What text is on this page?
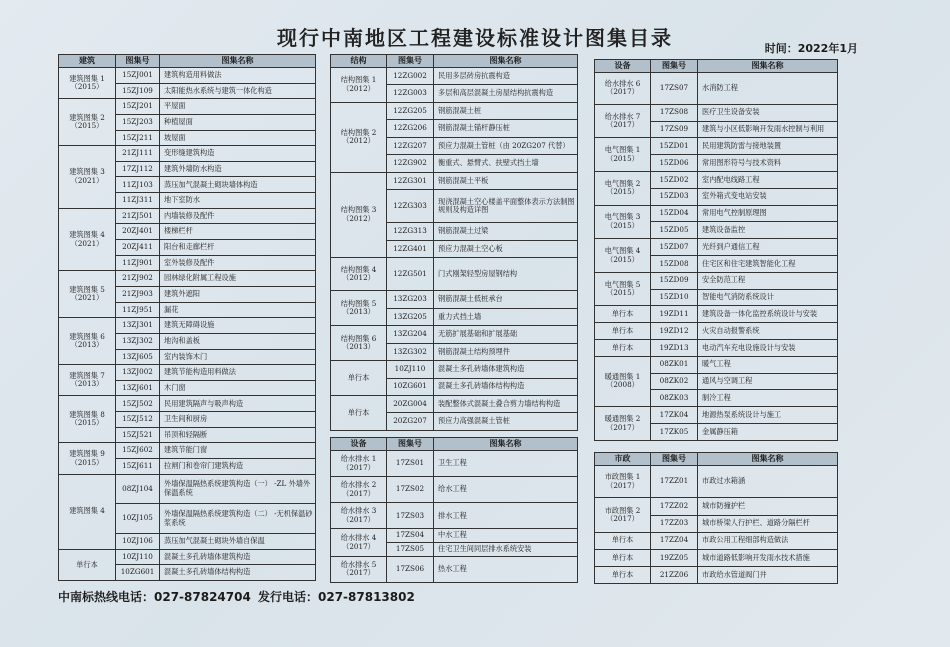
现行中南地区工程建设标准设计图集目录	时间：2022年1月
建筑	图集号	图集名称
建筑图集 1（2015）	15ZJ001	建筑构造用料做法
	15ZJ109	太阳能热水系统与建筑一体化构造
建筑图集 2（2015）	15ZJ201	平屋面
	15ZJ203	种植屋面
	15ZJ211	坡屋面
建筑图集 3（2021）	21ZJ111	变形缝建筑构造
	17ZJ112	建筑外墙防水构造
	11ZJ103	蒸压加气混凝土砌块墙体构造
	11ZJ311	地下室防水
建筑图集 4（2021）	21ZJ501	内墙装修及配件
	20ZJ401	楼梯栏杆
	20ZJ411	阳台和走廊栏杆
	11ZJ901	室外装修及配件
建筑图集 5（2021）	21ZJ902	园林绿化附属工程设施
	21ZJ903	建筑外遮阳
	11ZJ951	漏花
建筑图集 6（2013）	13ZJ301	建筑无障碍设施
	13ZJ302	地沟和盖板
	13ZJ605	室内装饰木门
建筑图集 7（2013）	13ZJ002	建筑节能构造用料做法
	13ZJ601	木门窗
建筑图集 8（2015）	15ZJ502	民用建筑隔声与吸声构造
	15ZJ512	卫生间和厨房
	15ZJ521	吊顶和轻隔断
建筑图集 9（2015）	15ZJ602	建筑节能门窗
	15ZJ611	拉闸门和卷帘门建筑构造
建筑图集 4	08ZJ104	外墙保温隔热系统建筑构造（一） -ZL 外墙外保温系统
	10ZJ105	外墙保温隔热系统建筑构造（二） -无机保温砂浆系统
	10ZJ106	蒸压加气混凝土砌块外墙自保温
单行本	10ZJ110	混凝土多孔砖墙体建筑构造
	10ZG601	混凝土多孔砖墙体结构构造
结构	图集号	图集名称
结构图集 1（2012）	12ZG002	民用多层砖房抗震构造
	12ZG003	多层和高层混凝土房屋结构抗震构造
结构图集 2（2012）	12ZG205	钢筋混凝土桩
	12ZG206	钢筋混凝土锚杆静压桩
	12ZG207	预应力混凝土管桩（由 20ZG207 代替）
	12ZG902	衡重式、悬臂式、扶壁式挡土墙
结构图集 3（2012）	12ZG301	钢筋混凝土平板
	12ZG303	现浇混凝土空心楼盖平面整体表示方法制图规则及构造详图
	12ZG313	钢筋混凝土过梁
	12ZG401	预应力混凝土空心板
结构图集 4（2012）	12ZG501	门式刚架轻型房屋钢结构
结构图集 5（2013）	13ZG203	钢筋混凝土低桩承台
	13ZG205	重力式挡土墙
结构图集 6（2013）	13ZG204	无筋扩展基础和扩展基础
	13ZG302	钢筋混凝土结构预埋件
单行本	10ZJ110	混凝土多孔砖墙体建筑构造
	10ZG601	混凝土多孔砖墙体结构构造
单行本	20ZG004	装配整体式混凝土叠合剪力墙结构构造
	20ZG207	预应力高强混凝土管桩
设备	图集号	图集名称
给水排水 1（2017）	17ZS01	卫生工程
给水排水 2（2017）	17ZS02	给水工程
给水排水 3（2017）	17ZS03	排水工程
给水排水 4（2017）	17ZS04	中水工程
	17ZS05	住宅卫生间同层排水系统安装
给水排水 5（2017）	17ZS06	热水工程
设备	图集号	图集名称
给水排水 6（2017）	17ZS07	水消防工程
给水排水 7（2017）	17ZS08	医疗卫生设备安装
	17ZS09	建筑与小区低影响开发雨水控制与利用
电气图集 1（2015）	15ZD01	民用建筑防雷与接地装置
	15ZD06	常用图形符号与技术资料
电气图集 2（2015）	15ZD02	室内配电线路工程
	15ZD03	室外箱式变电站安装
电气图集 3（2015）	15ZD04	常用电气控制原理图
	15ZD05	建筑设备监控
电气图集 4（2015）	15ZD07	光纤到户通信工程
	15ZD08	住宅区和住宅建筑智能化工程
电气图集 5（2015）	15ZD09	安全防范工程
	15ZD10	智能电气消防系统设计
单行本	19ZD11	建筑设备一体化监控系统设计与安装
单行本	19ZD12	火灾自动报警系统
单行本	19ZD13	电动汽车充电设施设计与安装
暖通图集 1（2008）	08ZK01	暖气工程
	08ZK02	通风与空调工程
	08ZK03	制冷工程
暖通图集 2（2017）	17ZK04	地源热泵系统设计与施工
	17ZK05	金属静压箱
市政	图集号	图集名称
市政图集 1（2017）	17ZZ01	市政过水箱涵
市政图集 2（2017）	17ZZ02	城市防撞护栏
	17ZZ03	城市桥梁人行护栏、道路分隔栏杆
单行本	17ZZ04	市政公用工程细部构造做法
单行本	19ZZ05	城市道路低影响开发雨水技术措施
单行本	21ZZ06	市政给水管道阀门井
中南标热线电话：027-87824704 发行电话：027-87813802
